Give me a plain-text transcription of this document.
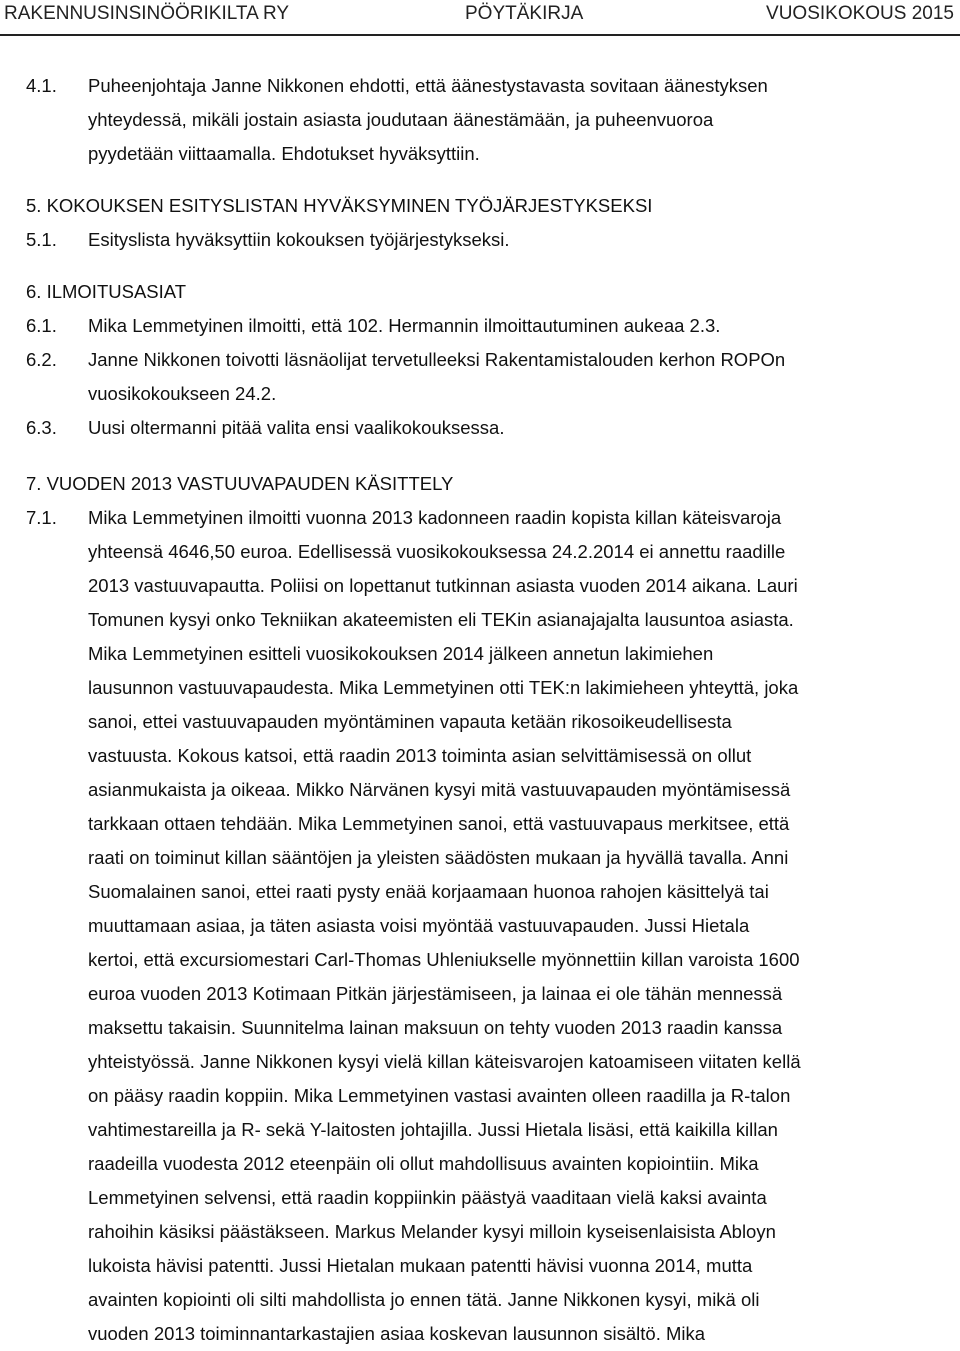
RAKENNUSINSINÖÖRIKILTA RY	PÖYTÄKIRJA	VUOSIKOKOUS 2015
4.1. Puheenjohtaja Janne Nikkonen ehdotti, että äänestystavasta sovitaan äänestyksen
yhteydessä, mikäli jostain asiasta joudutaan äänestämään, ja puheenvuoroa
pyydetään viittaamalla. Ehdotukset hyväksyttiin.
5. KOKOUKSEN ESITYSLISTAN HYVÄKSYMINEN TYÖJÄRJESTYKSEKSI
5.1. Esityslista hyväksyttiin kokouksen työjärjestykseksi.
6. ILMOITUSASIAT
6.1. Mika Lemmetyinen ilmoitti, että 102. Hermannin ilmoittautuminen aukeaa 2.3.
6.2. Janne Nikkonen toivotti läsnäolijat tervetulleeksi Rakentamistalouden kerhon ROPOn
vuosikokoukseen 24.2.
6.3. Uusi oltermanni pitää valita ensi vaalikokouksessa.
7. VUODEN 2013 VASTUUVAPAUDEN KÄSITTELY
7.1. Mika Lemmetyinen ilmoitti vuonna 2013 kadonneen raadin kopista killan käteisvaroja
yhteensä 4646,50 euroa. Edellisessä vuosikokouksessa 24.2.2014 ei annettu raadille
2013 vastuuvapautta. Poliisi on lopettanut tutkinnan asiasta vuoden 2014 aikana. Lauri
Tomunen kysyi onko Tekniikan akateemisten eli TEKin asianajajalta lausuntoa asiasta.
Mika Lemmetyinen esitteli vuosikokouksen 2014 jälkeen annetun lakimiehen
lausunnon vastuuvapaudesta. Mika Lemmetyinen otti TEK:n lakimieheen yhteyttä, joka
sanoi, ettei vastuuvapauden myöntäminen vapauta ketään rikosoikeudellisesta
vastuusta. Kokous katsoi, että raadin 2013 toiminta asian selvittämisessä on ollut
asianmukaista ja oikeaa. Mikko Närvänen kysyi mitä vastuuvapauden myöntämisessä
tarkkaan ottaen tehdään. Mika Lemmetyinen sanoi, että vastuuvapaus merkitsee, että
raati on toiminut killan sääntöjen ja yleisten säädösten mukaan ja hyvällä tavalla. Anni
Suomalainen sanoi, ettei raati pysty enää korjaamaan huonoa rahojen käsittelyä tai
muuttamaan asiaa, ja täten asiasta voisi myöntää vastuuvapauden. Jussi Hietala
kertoi, että excursiomestari Carl-Thomas Uhleniukselle myönnettiin killan varoista 1600
euroa vuoden 2013 Kotimaan Pitkän järjestämiseen, ja lainaa ei ole tähän mennessä
maksettu takaisin. Suunnitelma lainan maksuun on tehty vuoden 2013 raadin kanssa
yhteistyössä. Janne Nikkonen kysyi vielä killan käteisvarojen katoamiseen viitaten kellä
on pääsy raadin koppiin. Mika Lemmetyinen vastasi avainten olleen raadilla ja R-talon
vahtimestareilla ja R- sekä Y-laitosten johtajilla. Jussi Hietala lisäsi, että kaikilla killan
raadeilla vuodesta 2012 eteenpäin oli ollut mahdollisuus avainten kopiointiin. Mika
Lemmetyinen selvensi, että raadin koppiinkin päästyä vaaditaan vielä kaksi avainta
rahoihin käsiksi päästäkseen. Markus Melander kysyi milloin kyseisenlaisista Abloyn
lukoista hävisi patentti. Jussi Hietalan mukaan patentti hävisi vuonna 2014, mutta
avainten kopiointi oli silti mahdollista jo ennen tätä. Janne Nikkonen kysyi, mikä oli
vuoden 2013 toiminnantarkastajien asiaa koskevan lausunnon sisältö. Mika
